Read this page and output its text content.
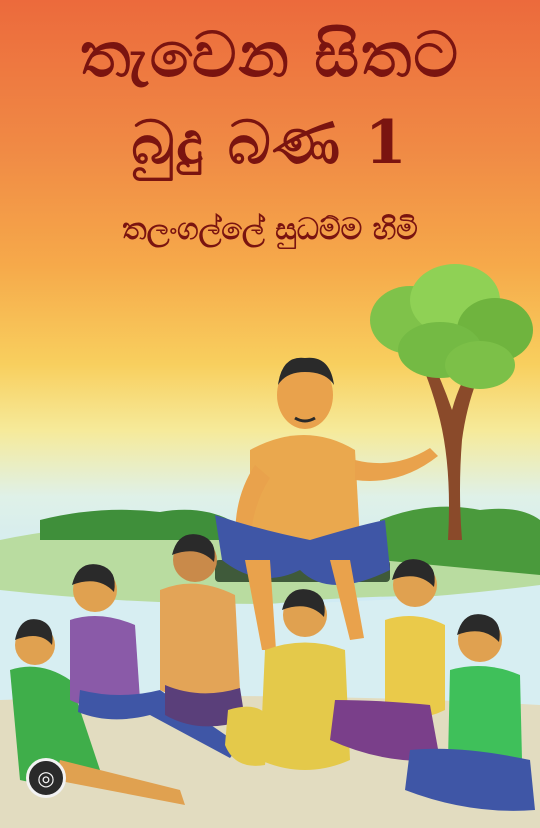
තැවෙන සිතට
බුදු බණ 1

තලංගල්ලේ සුධම්ම හිමි

◎
